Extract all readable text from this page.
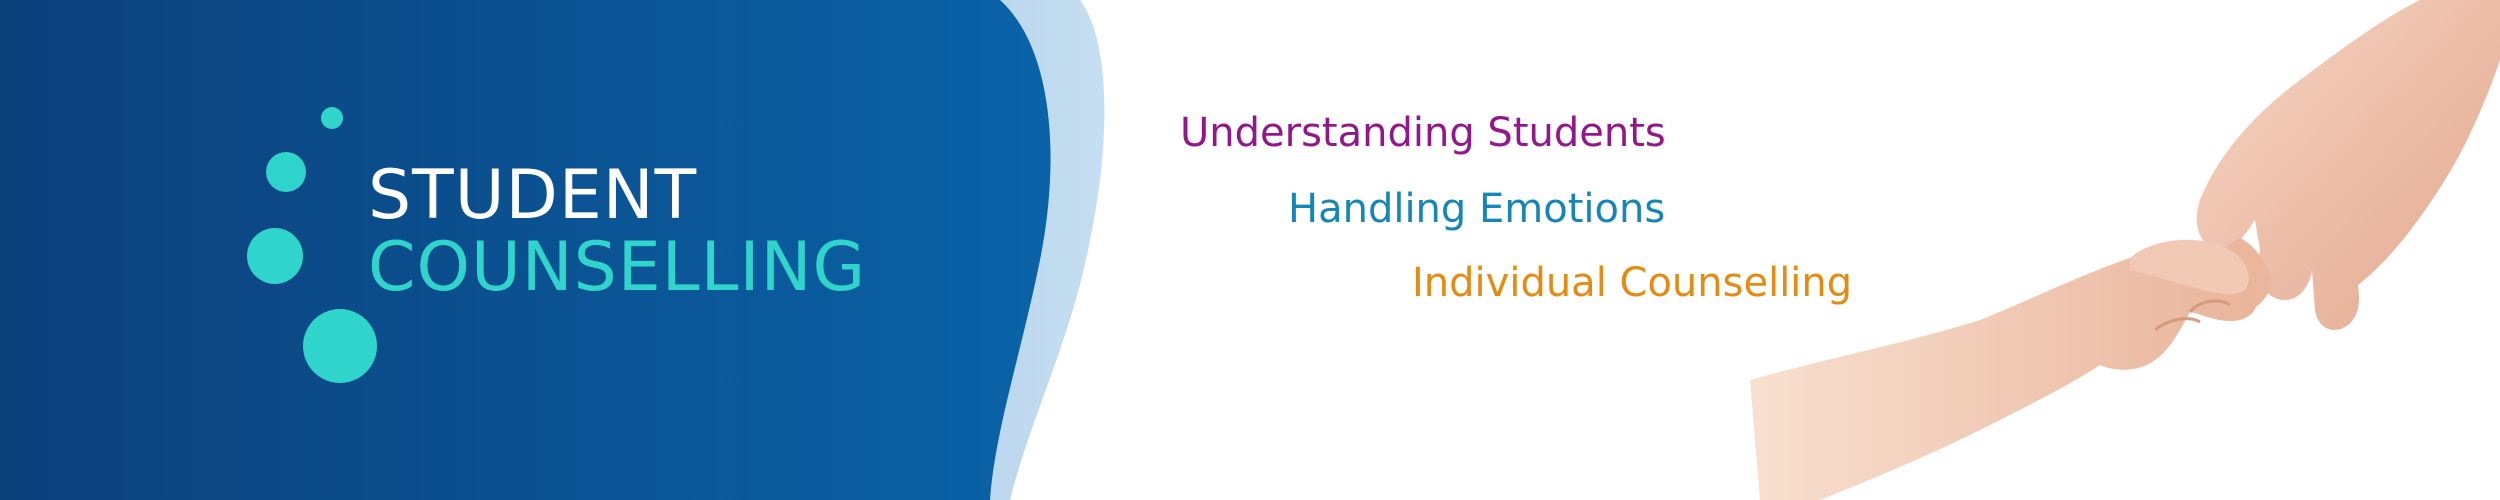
STUDENT
COUNSELLING
Understanding Students
Handling Emotions
Individual Counselling
